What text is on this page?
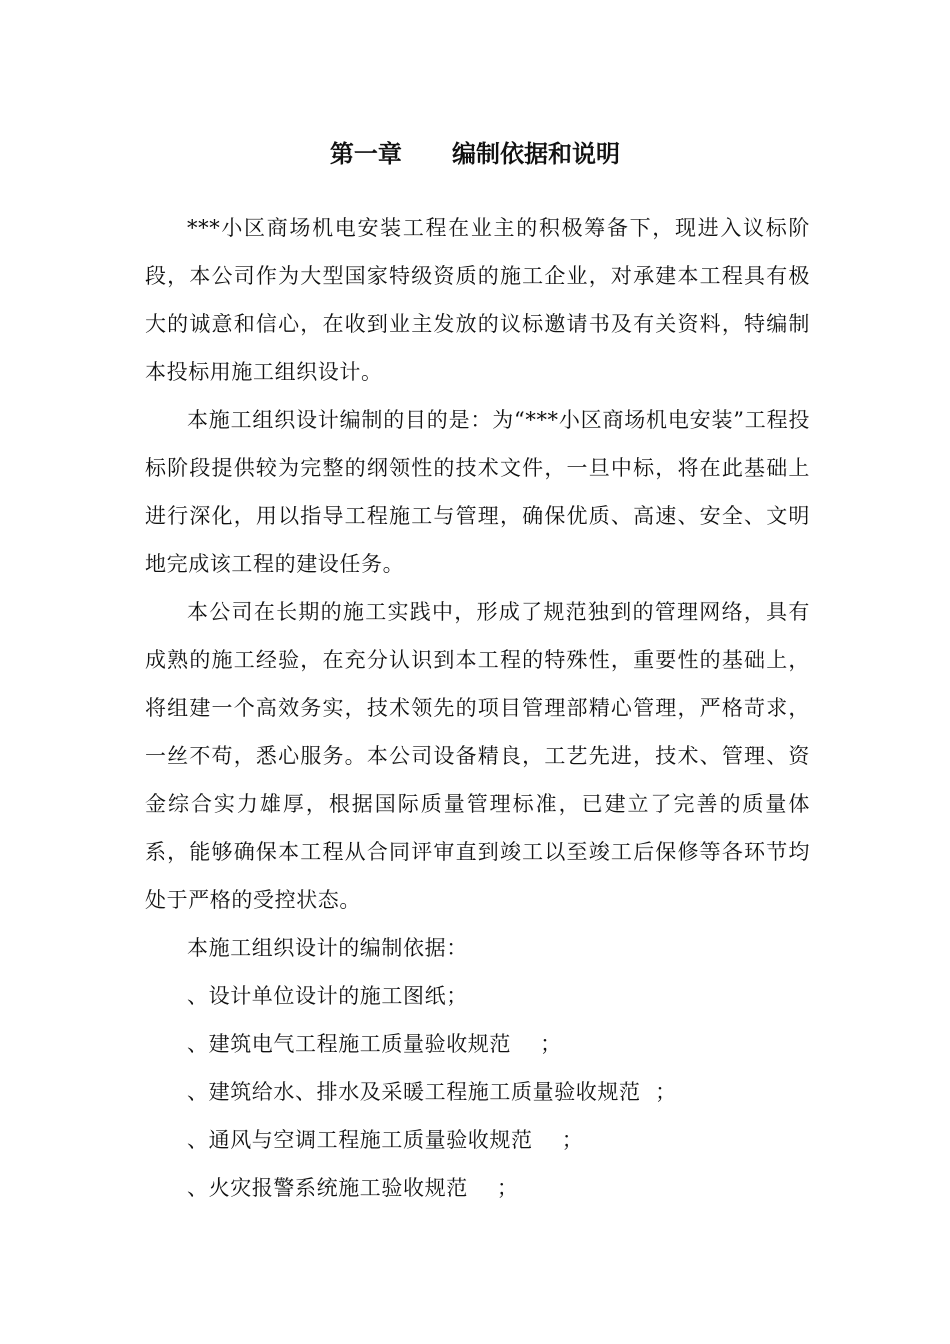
第一章      编制依据和说明

***小区商场机电安装工程在业主的积极筹备下，现进入议标阶段，本公司作为大型国家特级资质的施工企业，对承建本工程具有极大的诚意和信心，在收到业主发放的议标邀请书及有关资料，特编制本投标用施工组织设计。

本施工组织设计编制的目的是：为“***小区商场机电安装”工程投标阶段提供较为完整的纲领性的技术文件，一旦中标，将在此基础上进行深化，用以指导工程施工与管理，确保优质、高速、安全、文明地完成该工程的建设任务。

本公司在长期的施工实践中，形成了规范独到的管理网络，具有成熟的施工经验，在充分认识到本工程的特殊性，重要性的基础上，将组建一个高效务实，技术领先的项目管理部精心管理，严格苛求，一丝不苟，悉心服务。本公司设备精良，工艺先进，技术、管理、资金综合实力雄厚，根据国际质量管理标准，已建立了完善的质量体系，能够确保本工程从合同评审直到竣工以至竣工后保修等各环节均处于严格的受控状态。

本施工组织设计的编制依据：

、设计单位设计的施工图纸；
、建筑电气工程施工质量验收规范    ；
、建筑给水、排水及采暖工程施工质量验收规范  ；
、通风与空调工程施工质量验收规范    ；
、火灾报警系统施工验收规范    ；
